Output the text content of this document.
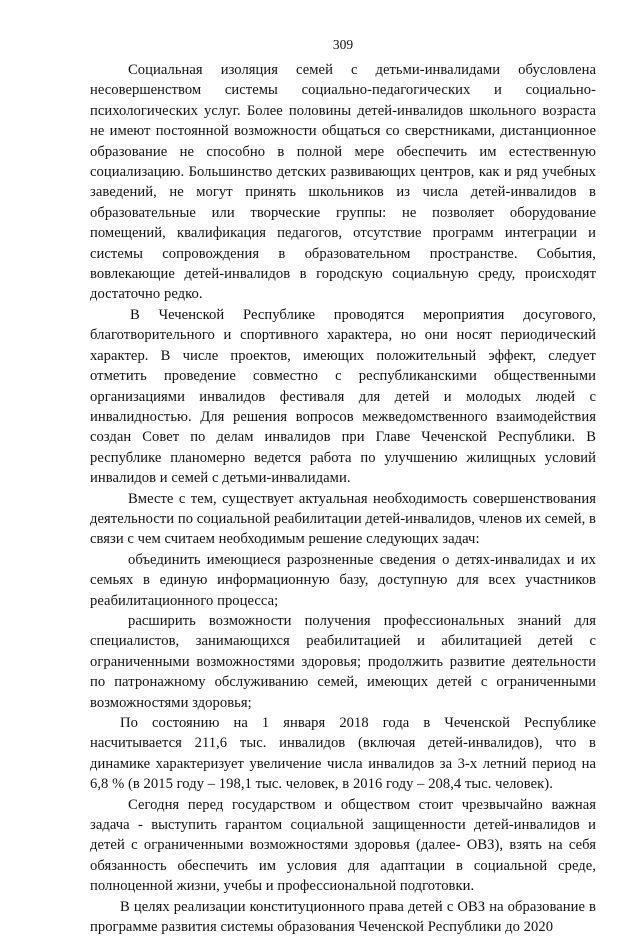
309

Социальная изоляция семей с детьми-инвалидами обусловлена несовершенством системы социально-педагогических и социально-психологических услуг. Более половины детей-инвалидов школьного возраста не имеют постоянной возможности общаться со сверстниками, дистанционное образование не способно в полной мере обеспечить им естественную социализацию. Большинство детских развивающих центров, как и ряд учебных заведений, не могут принять школьников из числа детей-инвалидов в образовательные или творческие группы: не позволяет оборудование помещений, квалификация педагогов, отсутствие программ интеграции и системы сопровождения в образовательном пространстве. События, вовлекающие детей-инвалидов в городскую социальную среду, происходят достаточно редко.

В Чеченской Республике проводятся мероприятия досугового, благотворительного и спортивного характера, но они носят периодический характер. В числе проектов, имеющих положительный эффект, следует отметить проведение совместно с республиканскими общественными организациями инвалидов фестиваля для детей и молодых людей с инвалидностью. Для решения вопросов межведомственного взаимодействия создан Совет по делам инвалидов при Главе Чеченской Республики. В республике планомерно ведется работа по улучшению жилищных условий инвалидов и семей с детьми-инвалидами.

Вместе с тем, существует актуальная необходимость совершенствования деятельности по социальной реабилитации детей-инвалидов, членов их семей, в связи с чем считаем необходимым решение следующих задач:

объединить имеющиеся разрозненные сведения о детях-инвалидах и их семьях в единую информационную базу, доступную для всех участников реабилитационного процесса;

расширить возможности получения профессиональных знаний для специалистов, занимающихся реабилитацией и абилитацией детей с ограниченными возможностями здоровья; продолжить развитие деятельности по патронажному обслуживанию семей, имеющих детей с ограниченными возможностями здоровья;

По состоянию на 1 января 2018 года в Чеченской Республике насчитывается 211,6 тыс. инвалидов (включая детей-инвалидов), что в динамике характеризует увеличение числа инвалидов за 3-х летний период на 6,8 % (в 2015 году – 198,1 тыс. человек, в 2016 году – 208,4 тыс. человек).

Сегодня перед государством и обществом стоит чрезвычайно важная задача - выступить гарантом социальной защищенности детей-инвалидов и детей с ограниченными возможностями здоровья (далее- ОВЗ), взять на себя обязанность обеспечить им условия для адаптации в социальной среде, полноценной жизни, учебы и профессиональной подготовки.

В целях реализации конституционного права детей с ОВЗ на образование в программе развития системы образования Чеченской Республики до 2020
